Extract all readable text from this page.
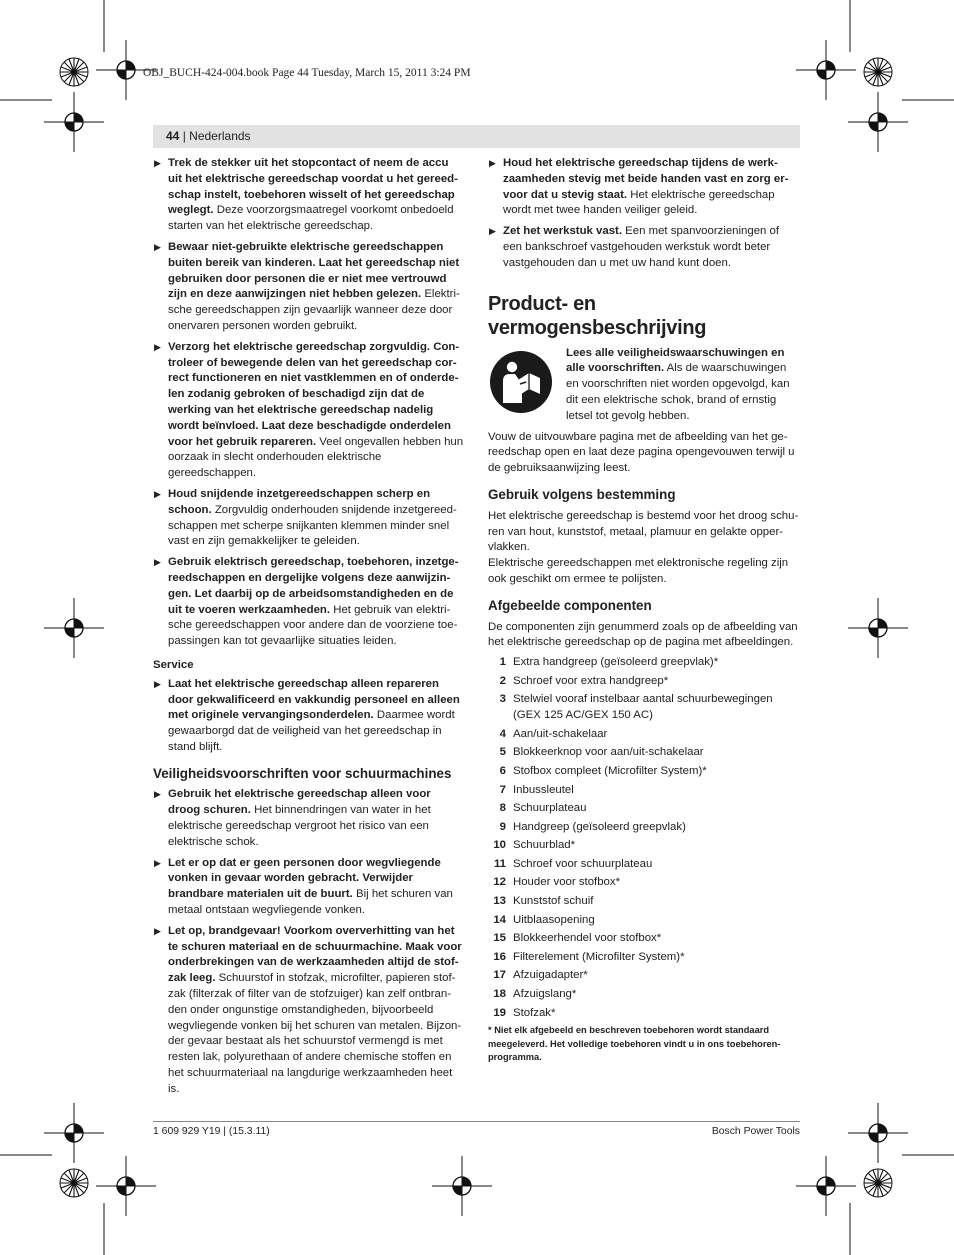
OBJ_BUCH-424-004.book Page 44 Tuesday, March 15, 2011 3:24 PM
44 | Nederlands
▶ Trek de stekker uit het stopcontact of neem de accu uit het elektrische gereedschap voordat u het gereedschap instelt, toebehoren wisselt of het gereedschap weglegt. Deze voorzorgsmaatregel voorkomt onbedoeld starten van het elektrische gereedschap.
▶ Bewaar niet-gebruikte elektrische gereedschappen buiten bereik van kinderen. Laat het gereedschap niet gebruiken door personen die er niet mee vertrouwd zijn en deze aanwijzingen niet hebben gelezen. Elektrische gereedschappen zijn gevaarlijk wanneer deze door onervaren personen worden gebruikt.
▶ Verzorg het elektrische gereedschap zorgvuldig. Controleer of bewegende delen van het gereedschap correct functioneren en niet vastklemmen en of onderdelen zodanig gebroken of beschadigd zijn dat de werking van het elektrische gereedschap nadelig wordt beïnvloed. Laat deze beschadigde onderdelen voor het gebruik repareren. Veel ongevallen hebben hun oorzaak in slecht onderhouden elektrische gereedschappen.
▶ Houd snijdende inzetgereedschappen scherp en schoon. Zorgvuldig onderhouden snijdende inzetgereedschappen met scherpe snijkanten klemmen minder snel vast en zijn gemakkelijker te geleiden.
▶ Gebruik elektrisch gereedschap, toebehoren, inzetgereedschappen en dergelijke volgens deze aanwijzingen. Let daarbij op de arbeidsomstandigheden en de uit te voeren werkzaamheden. Het gebruik van elektrische gereedschappen voor andere dan de voorziene toepassingen kan tot gevaarlijke situaties leiden.
Service
▶ Laat het elektrische gereedschap alleen repareren door gekwalificeerd en vakkundig personeel en alleen met originele vervangingsonderdelen. Daarmee wordt gewaarborgd dat de veiligheid van het gereedschap in stand blijft.
Veiligheidsvoorschriften voor schuurmachines
▶ Gebruik het elektrische gereedschap alleen voor droog schuren. Het binnendringen van water in het elektrische gereedschap vergroot het risico van een elektrische schok.
▶ Let er op dat er geen personen door wegvliegende vonken in gevaar worden gebracht. Verwijder brandbare materialen uit de buurt. Bij het schuren van metaal ontstaan wegvliegende vonken.
▶ Let op, brandgevaar! Voorkom oververhitting van het te schuren materiaal en de schuurmachine. Maak voor onderbrekingen van de werkzaamheden altijd de stofzak leeg. Schuurstof in stofzak, microfilter, papieren stofzak (filterzak of filter van de stofzuiger) kan zelf ontbranden onder ongunstige omstandigheden, bijvoorbeeld wegvliegende vonken bij het schuren van metalen. Bijzonder gevaar bestaat als het schuurstof vermengd is met resten lak, polyurethaan of andere chemische stoffen en het schuurmateriaal na langdurige werkzaamheden heet is.
▶ Houd het elektrische gereedschap tijdens de werkzaamheden stevig met beide handen vast en zorg ervoor dat u stevig staat. Het elektrische gereedschap wordt met twee handen veiliger geleid.
▶ Zet het werkstuk vast. Een met spanvoorzieningen of een bankschroef vastgehouden werkstuk wordt beter vastgehouden dan u met uw hand kunt doen.
Product- en vermogensbeschrijving
Lees alle veiligheidswaarschuwingen en alle voorschriften. Als de waarschuwingen en voorschriften niet worden opgevolgd, kan dit een elektrische schok, brand of ernstig letsel tot gevolg hebben.
Vouw de uitvouwbare pagina met de afbeelding van het gereedschap open en laat deze pagina opengevouwen terwijl u de gebruiksaanwijzing leest.
Gebruik volgens bestemming
Het elektrische gereedschap is bestemd voor het droog schuren van hout, kunststof, metaal, plamuur en gelakte oppervlakken.
Elektrische gereedschappen met elektronische regeling zijn ook geschikt om ermee te polijsten.
Afgebeelde componenten
De componenten zijn genummerd zoals op de afbeelding van het elektrische gereedschap op de pagina met afbeeldingen.
1 Extra handgreep (geïsoleerd greepvlak)*
2 Schroef voor extra handgreep*
3 Stelwiel vooraf instelbaar aantal schuurbewegingen (GEX 125 AC/GEX 150 AC)
4 Aan/uit-schakelaar
5 Blokkeerknop voor aan/uit-schakelaar
6 Stofbox compleet (Microfilter System)*
7 Inbussleutel
8 Schuurplateau
9 Handgreep (geïsoleerd greepvlak)
10 Schuurblad*
11 Schroef voor schuurplateau
12 Houder voor stofbox*
13 Kunststof schuif
14 Uitblaasopening
15 Blokkeerhendel voor stofbox*
16 Filterelement (Microfilter System)*
17 Afzuigadapter*
18 Afzuigslang*
19 Stofzak*
* Niet elk afgebeeld en beschreven toebehoren wordt standaard meegeleverd. Het volledige toebehoren vindt u in ons toebehorenprogramma.
1 609 929 Y19 | (15.3.11)	Bosch Power Tools
